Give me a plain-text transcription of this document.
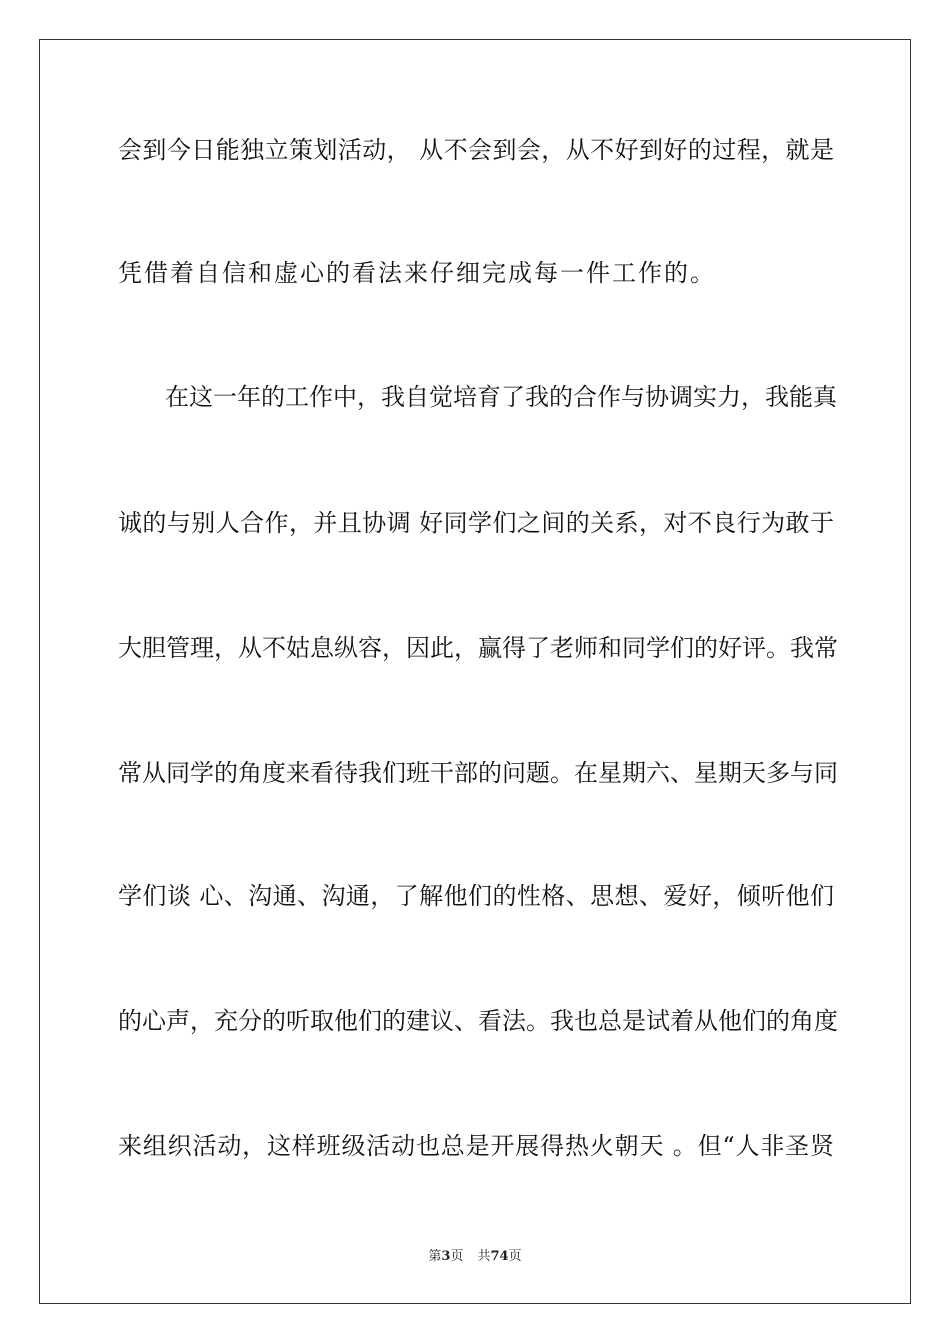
会到今日能独立策划活动， 从不会到会，从不好到好的过程，就是
凭借着自信和虚心的看法来仔细完成每一件工作的。
在这一年的工作中，我自觉培育了我的合作与协调实力，我能真
诚的与别人合作，并且协调 好同学们之间的关系，对不良行为敢于
大胆管理，从不姑息纵容，因此，赢得了老师和同学们的好评。我常
常从同学的角度来看待我们班干部的问题。在星期六、星期天多与同
学们谈 心、沟通、沟通，了解他们的性格、思想、爱好，倾听他们
的心声，充分的听取他们的建议、看法。我也总是试着从他们的角度
来组织活动，这样班级活动也总是开展得热火朝天 。但“人非圣贤
第3页 共74页
